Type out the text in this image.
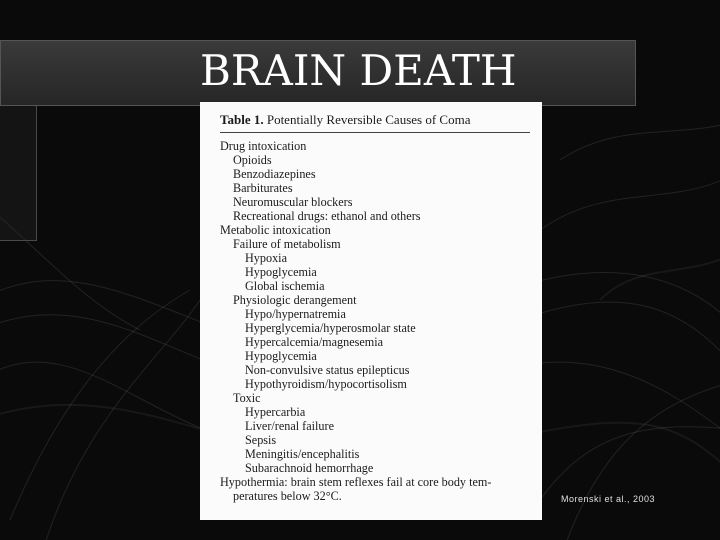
BRAIN DEATH
Table 1. Potentially Reversible Causes of Coma
Drug intoxication
Opioids
Benzodiazepines
Barbiturates
Neuromuscular blockers
Recreational drugs: ethanol and others
Metabolic intoxication
Failure of metabolism
Hypoxia
Hypoglycemia
Global ischemia
Physiologic derangement
Hypo/hypernatremia
Hyperglycemia/hyperosmolar state
Hypercalcemia/magnesemia
Hypoglycemia
Non-convulsive status epilepticus
Hypothyroidism/hypocortisolism
Toxic
Hypercarbia
Liver/renal failure
Sepsis
Meningitis/encephalitis
Subarachnoid hemorrhage
Hypothermia: brain stem reflexes fail at core body tem-
peratures below 32°C.	Morenski et al., 2003
